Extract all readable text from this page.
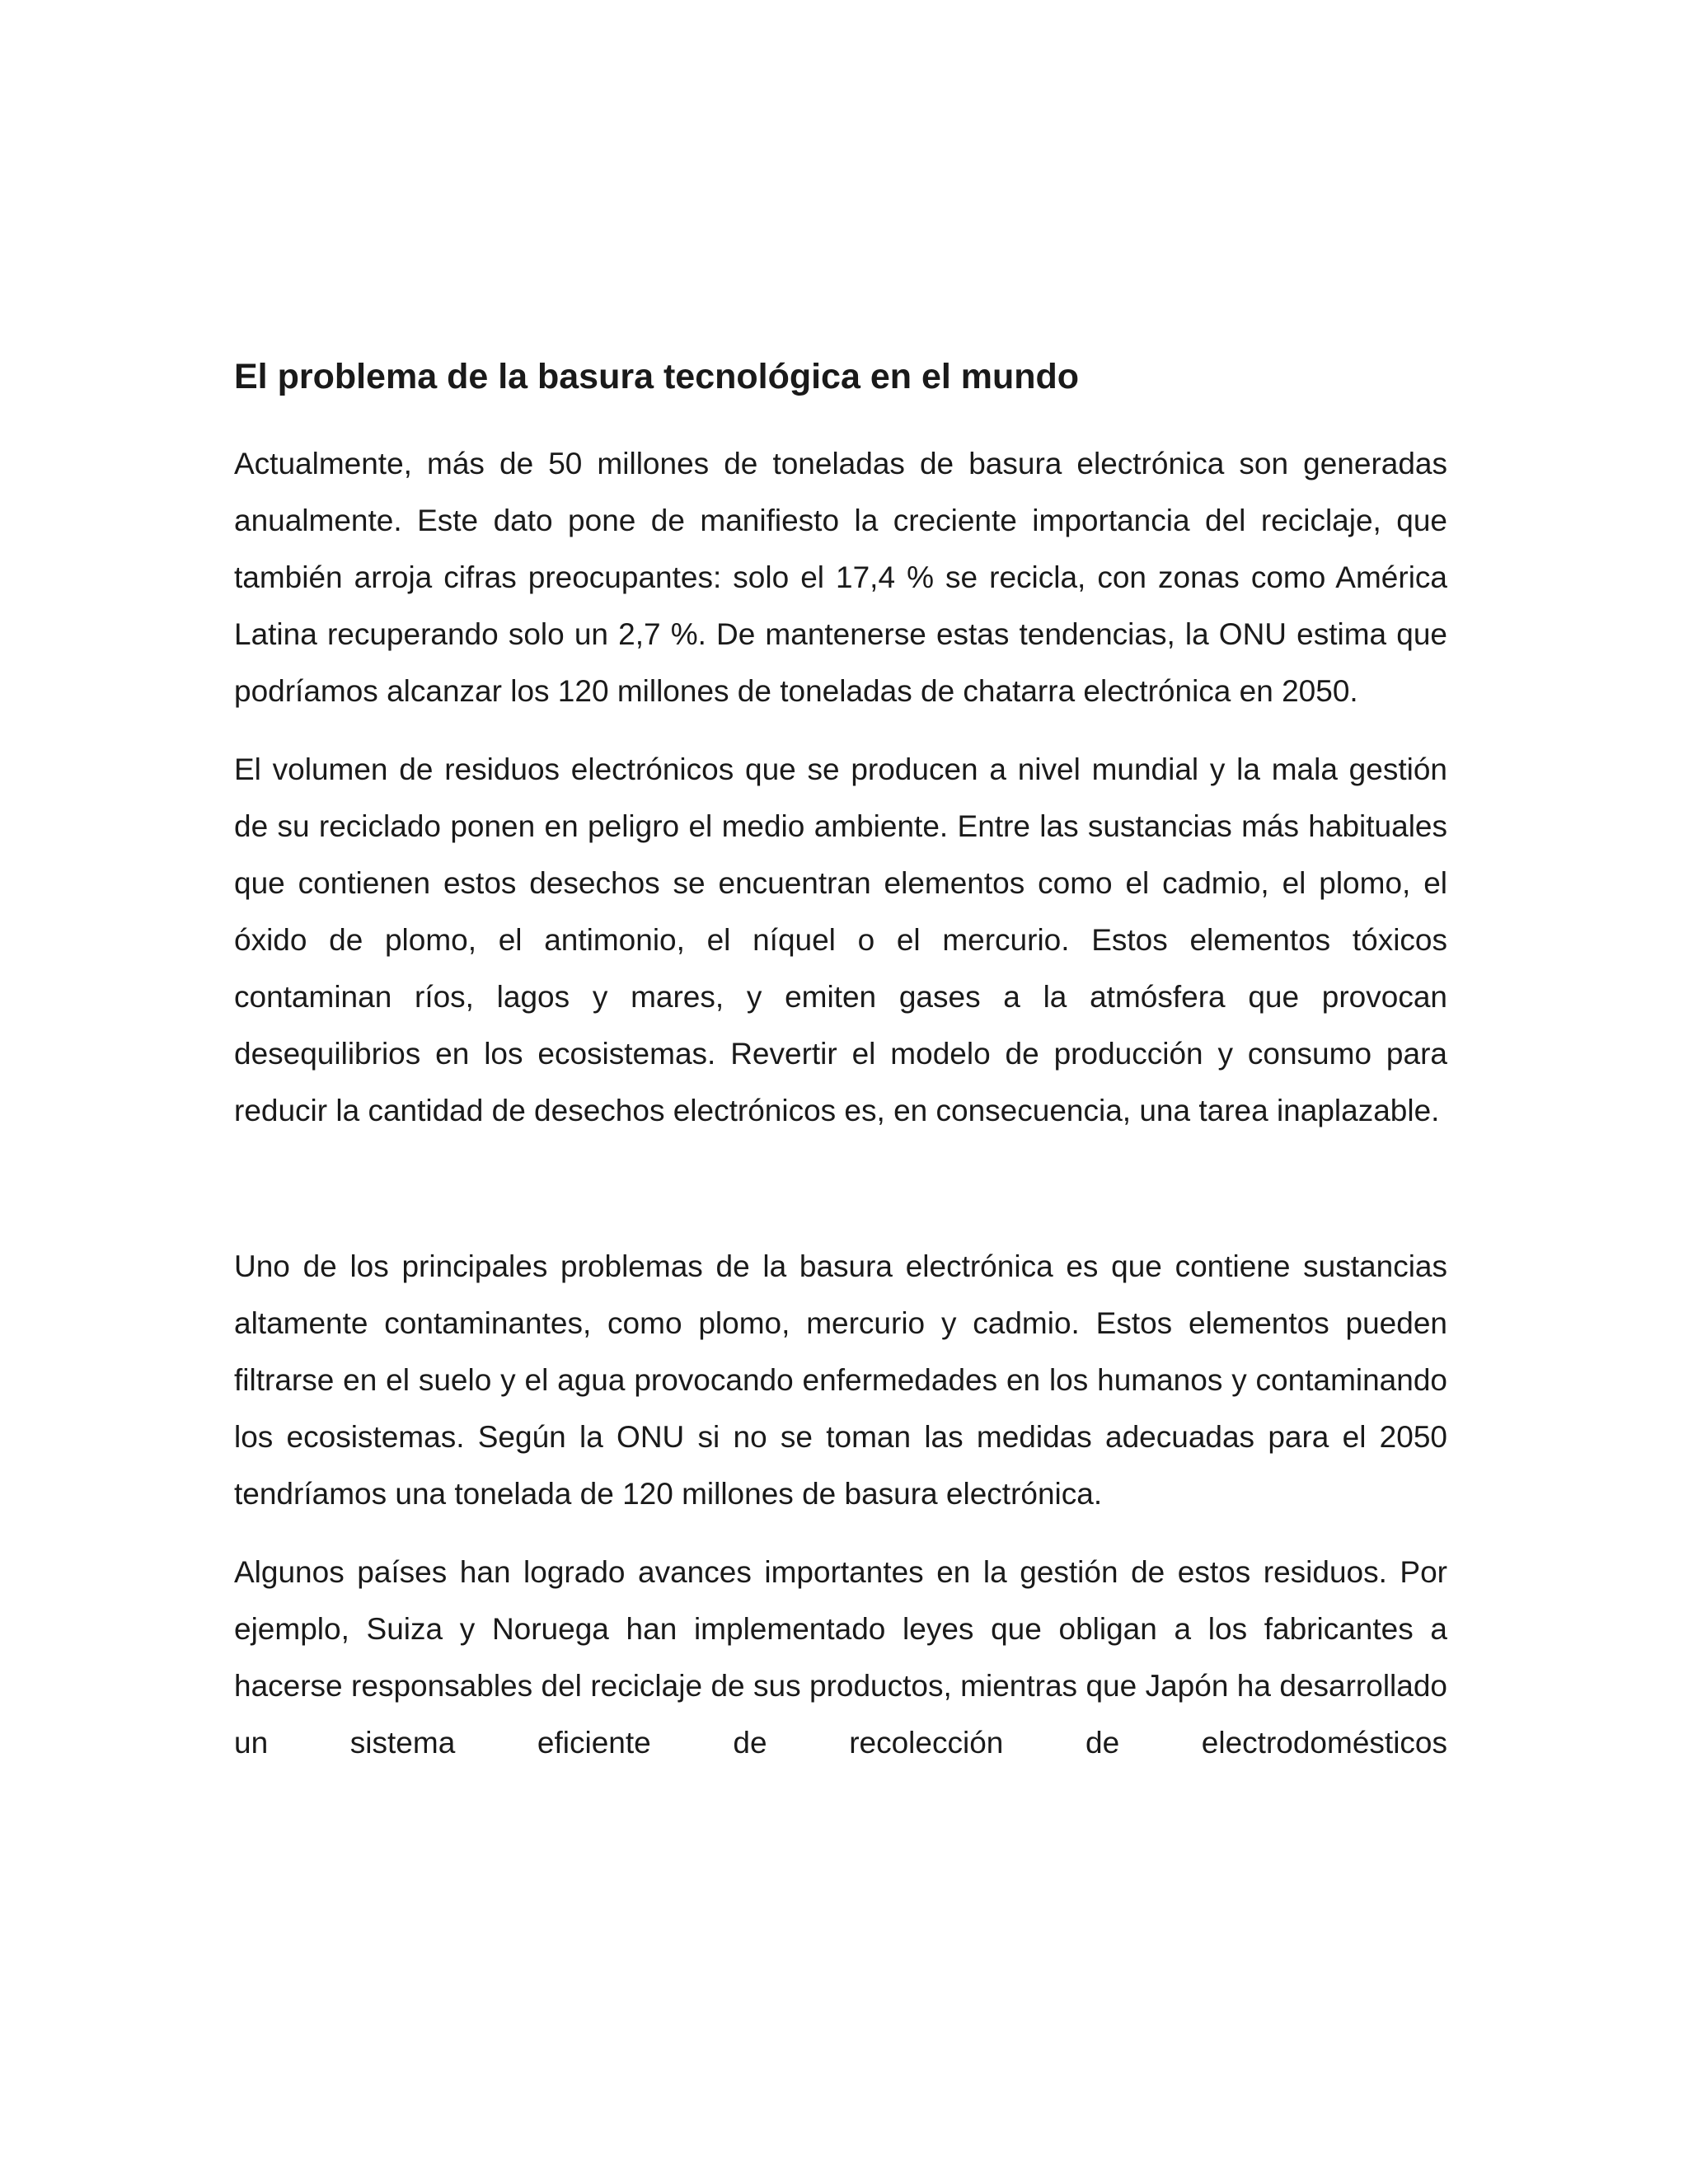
El problema de la basura tecnológica en el mundo

Actualmente, más de 50 millones de toneladas de basura electrónica son generadas anualmente. Este dato pone de manifiesto la creciente importancia del reciclaje, que también arroja cifras preocupantes: solo el 17,4 % se recicla, con zonas como América Latina recuperando solo un 2,7 %. De mantenerse estas tendencias, la ONU estima que podríamos alcanzar los 120 millones de toneladas de chatarra electrónica en 2050.

El volumen de residuos electrónicos que se producen a nivel mundial y la mala gestión de su reciclado ponen en peligro el medio ambiente. Entre las sustancias más habituales que contienen estos desechos se encuentran elementos como el cadmio, el plomo, el óxido de plomo, el antimonio, el níquel o el mercurio. Estos elementos tóxicos contaminan ríos, lagos y mares, y emiten gases a la atmósfera que provocan desequilibrios en los ecosistemas. Revertir el modelo de producción y consumo para reducir la cantidad de desechos electrónicos es, en consecuencia, una tarea inaplazable.

Uno de los principales problemas de la basura electrónica es que contiene sustancias altamente contaminantes, como plomo, mercurio y cadmio. Estos elementos pueden filtrarse en el suelo y el agua provocando enfermedades en los humanos y contaminando los ecosistemas. Según la ONU si no se toman las medidas adecuadas para el 2050 tendríamos una tonelada de 120 millones de basura electrónica.

Algunos países han logrado avances importantes en la gestión de estos residuos. Por ejemplo, Suiza y Noruega han implementado leyes que obligan a los fabricantes a hacerse responsables del reciclaje de sus productos, mientras que Japón ha desarrollado un sistema eficiente de recolección de electrodomésticos
